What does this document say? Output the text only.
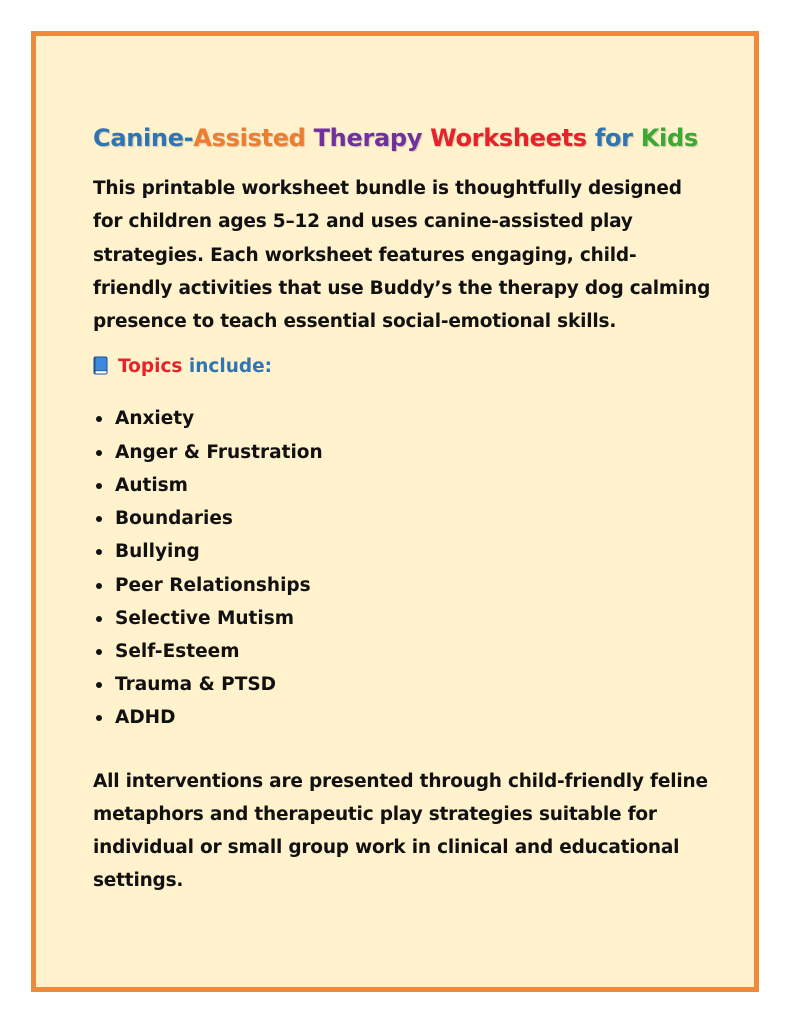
Canine-Assisted Therapy Worksheets for Kids

This printable worksheet bundle is thoughtfully designed for children ages 5–12 and uses canine-assisted play strategies. Each worksheet features engaging, child-friendly activities that use Buddy’s the therapy dog calming presence to teach essential social-emotional skills.

Topics include:
Anxiety
Anger & Frustration
Autism
Boundaries
Bullying
Peer Relationships
Selective Mutism
Self-Esteem
Trauma & PTSD
ADHD

All interventions are presented through child-friendly feline metaphors and therapeutic play strategies suitable for individual or small group work in clinical and educational settings.
